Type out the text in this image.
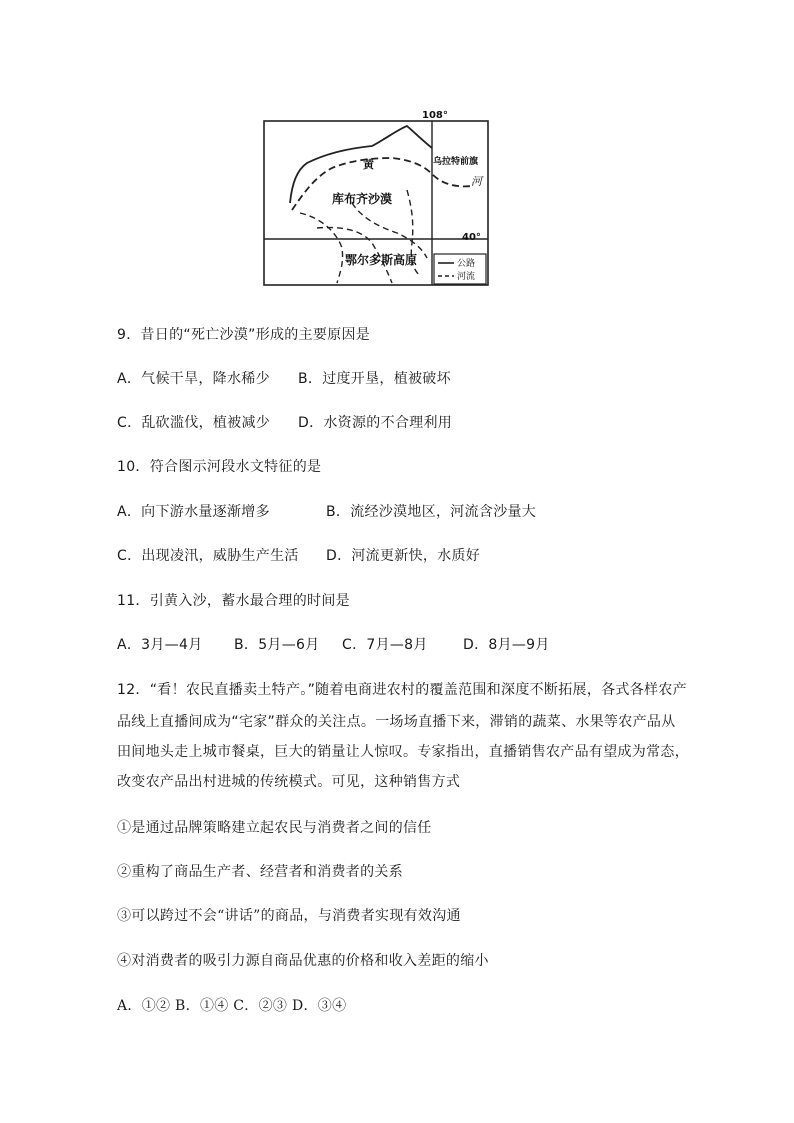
108°
40°
黄
河
库布齐沙漠
鄂尔多斯高原
乌拉特前旗
公路
河流
9．昔日的“死亡沙漠”形成的主要原因是
A．气候干旱，降水稀少 B．过度开垦，植被破坏
C．乱砍滥伐，植被减少 D．水资源的不合理利用
10．符合图示河段水文特征的是
A．向下游水量逐渐增多	B．流经沙漠地区，河流含沙量大
C．出现凌汛，威胁生产生活 D．河流更新快，水质好
11．引黄入沙，蓄水最合理的时间是
A．3月—4月 B．5月—6月 C．7月—8月	D．8月—9月
12．“看！农民直播卖土特产。”随着电商进农村的覆盖范围和深度不断拓展，各式各样农产
品线上直播间成为“宅家”群众的关注点。一场场直播下来，滞销的蔬菜、水果等农产品从
田间地头走上城市餐桌，巨大的销量让人惊叹。专家指出，直播销售农产品有望成为常态，
改变农产品出村进城的传统模式。可见，这种销售方式
①是通过品牌策略建立起农民与消费者之间的信任
②重构了商品生产者、经营者和消费者的关系
③可以跨过不会“讲话”的商品，与消费者实现有效沟通
④对消费者的吸引力源自商品优惠的价格和收入差距的缩小
A．①② B．①④ C．②③ D．③④
